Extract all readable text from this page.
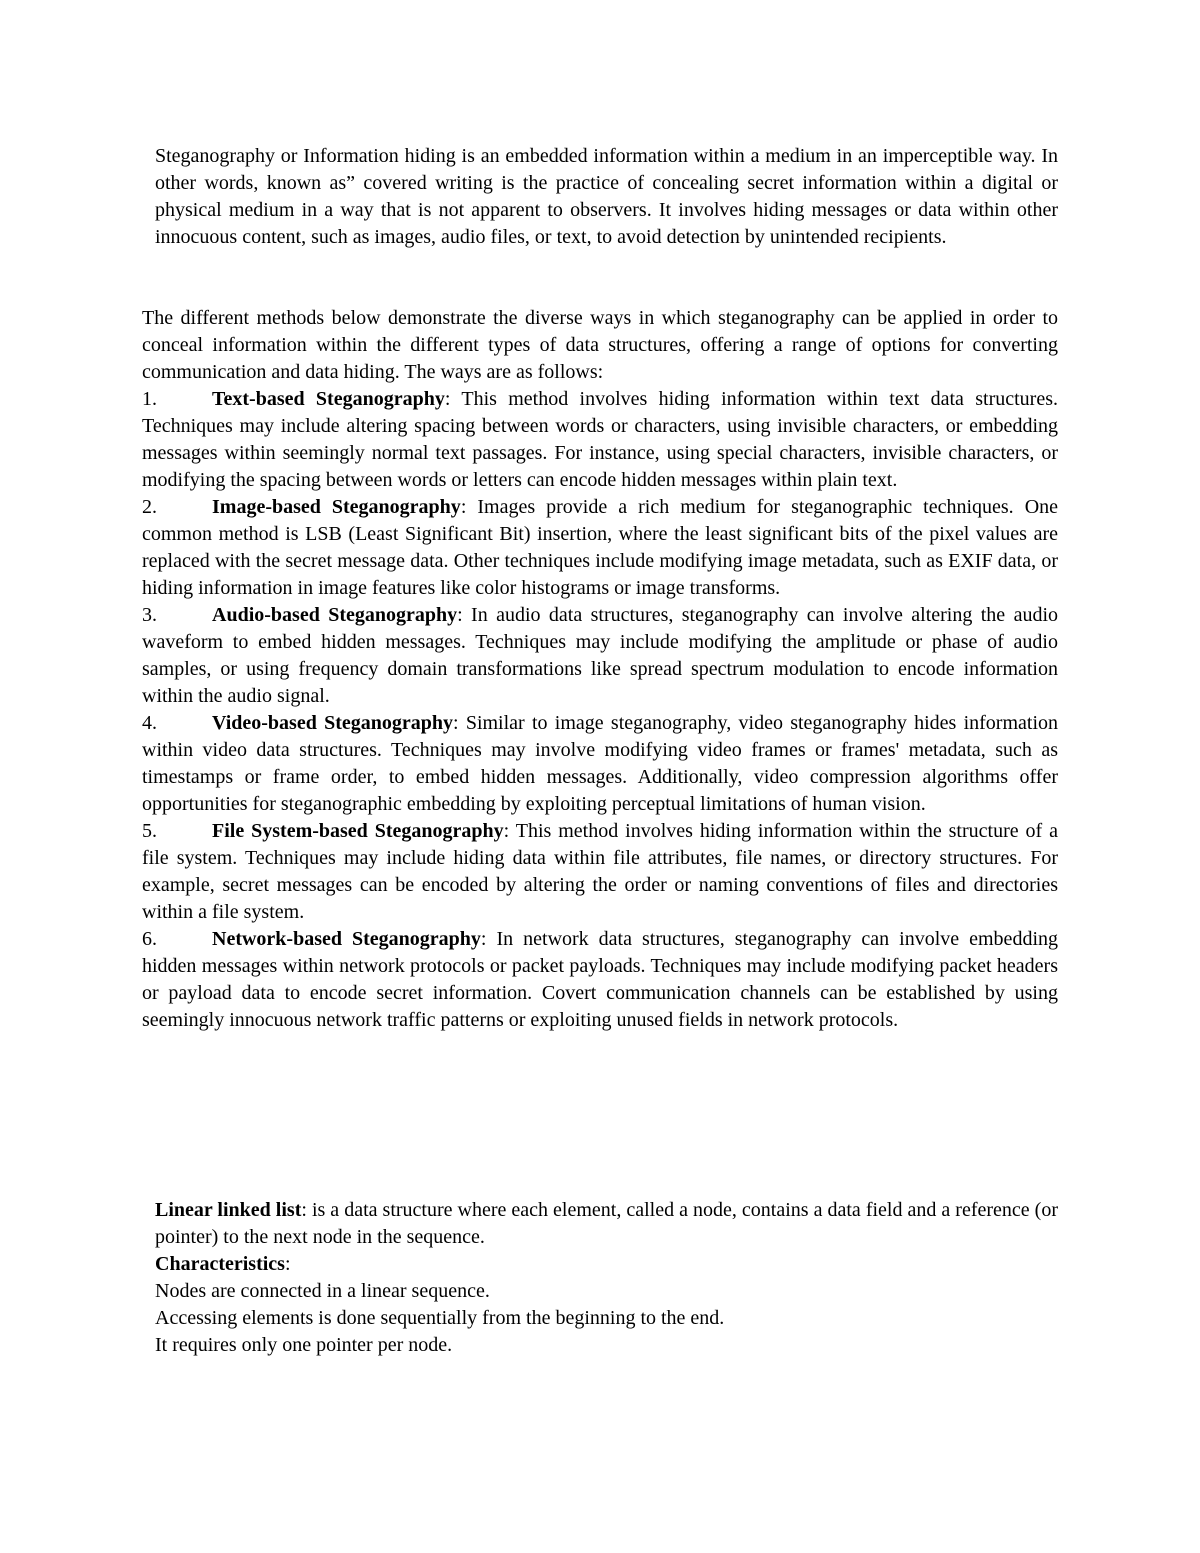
Steganography or Information hiding is an embedded information within a medium in an imperceptible way. In other words, known as” covered writing is the practice of concealing secret information within a digital or physical medium in a way that is not apparent to observers. It involves hiding messages or data within other innocuous content, such as images, audio files, or text, to avoid detection by unintended recipients.

The different methods below demonstrate the diverse ways in which steganography can be applied in order to conceal information within the different types of data structures, offering a range of options for converting communication and data hiding. The ways are as follows:

1.	Text-based Steganography: This method involves hiding information within text data structures. Techniques may include altering spacing between words or characters, using invisible characters, or embedding messages within seemingly normal text passages. For instance, using special characters, invisible characters, or modifying the spacing between words or letters can encode hidden messages within plain text.

2.	Image-based Steganography: Images provide a rich medium for steganographic techniques. One common method is LSB (Least Significant Bit) insertion, where the least significant bits of the pixel values are replaced with the secret message data. Other techniques include modifying image metadata, such as EXIF data, or hiding information in image features like color histograms or image transforms.

3.	Audio-based Steganography: In audio data structures, steganography can involve altering the audio waveform to embed hidden messages. Techniques may include modifying the amplitude or phase of audio samples, or using frequency domain transformations like spread spectrum modulation to encode information within the audio signal.

4.	Video-based Steganography: Similar to image steganography, video steganography hides information within video data structures. Techniques may involve modifying video frames or frames' metadata, such as timestamps or frame order, to embed hidden messages. Additionally, video compression algorithms offer opportunities for steganographic embedding by exploiting perceptual limitations of human vision.

5.	File System-based Steganography: This method involves hiding information within the structure of a file system. Techniques may include hiding data within file attributes, file names, or directory structures. For example, secret messages can be encoded by altering the order or naming conventions of files and directories within a file system.

6.	Network-based Steganography: In network data structures, steganography can involve embedding hidden messages within network protocols or packet payloads. Techniques may include modifying packet headers or payload data to encode secret information. Covert communication channels can be established by using seemingly innocuous network traffic patterns or exploiting unused fields in network protocols.

Linear linked list: is a data structure where each element, called a node, contains a data field and a reference (or pointer) to the next node in the sequence.

Characteristics:

Nodes are connected in a linear sequence.

Accessing elements is done sequentially from the beginning to the end.

It requires only one pointer per node.
